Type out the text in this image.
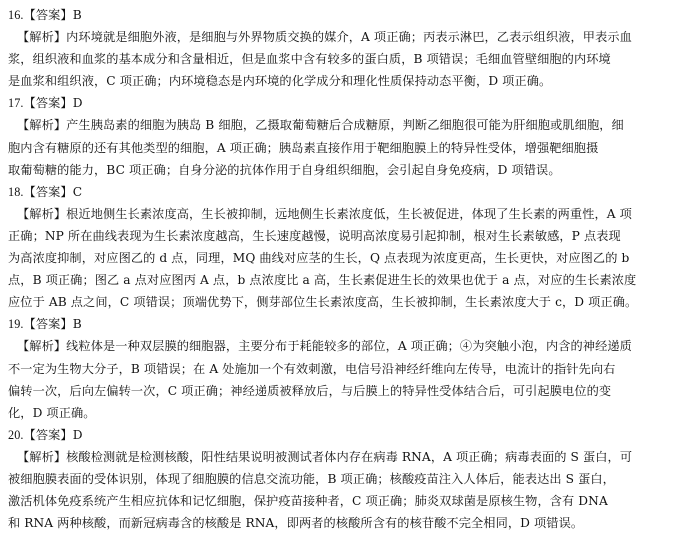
16.【答案】B
【解析】内环境就是细胞外液，是细胞与外界物质交换的媒介，A 项正确；丙表示淋巴，乙表示组织液，甲表示血
浆，组织液和血浆的基本成分和含量相近，但是血浆中含有较多的蛋白质，B 项错误；毛细血管壁细胞的内环境
是血浆和组织液，C 项正确；内环境稳态是内环境的化学成分和理化性质保持动态平衡，D 项正确。
17.【答案】D
【解析】产生胰岛素的细胞为胰岛 B 细胞，乙摄取葡萄糖后合成糖原，判断乙细胞很可能为肝细胞或肌细胞，细
胞内含有糖原的还有其他类型的细胞，A 项正确；胰岛素直接作用于靶细胞膜上的特异性受体，增强靶细胞摄
取葡萄糖的能力，BC 项正确；自身分泌的抗体作用于自身组织细胞，会引起自身免疫病，D 项错误。
18.【答案】C
【解析】根近地侧生长素浓度高，生长被抑制，远地侧生长素浓度低，生长被促进，体现了生长素的两重性，A 项
正确；NP 所在曲线表现为生长素浓度越高，生长速度越慢，说明高浓度易引起抑制，根对生长素敏感，P 点表现
为高浓度抑制，对应图乙的 d 点，同理，MQ 曲线对应茎的生长，Q 点表现为浓度更高，生长更快，对应图乙的 b
点，B 项正确；图乙 a 点对应图丙 A 点，b 点浓度比 a 高，生长素促进生长的效果也优于 a 点，对应的生长素浓度
应位于 AB 点之间，C 项错误；顶端优势下，侧芽部位生长素浓度高，生长被抑制，生长素浓度大于 c，D 项正确。
19.【答案】B
【解析】线粒体是一种双层膜的细胞器，主要分布于耗能较多的部位，A 项正确；④为突触小泡，内含的神经递质
不一定为生物大分子，B 项错误；在 A 处施加一个有效刺激，电信号沿神经纤维向左传导，电流计的指针先向右
偏转一次，后向左偏转一次，C 项正确；神经递质被释放后，与后膜上的特异性受体结合后，可引起膜电位的变
化，D 项正确。
20.【答案】D
【解析】核酸检测就是检测核酸，阳性结果说明被测试者体内存在病毒 RNA，A 项正确；病毒表面的 S 蛋白，可
被细胞膜表面的受体识别，体现了细胞膜的信息交流功能，B 项正确；核酸疫苗注入人体后，能表达出 S 蛋白，
激活机体免疫系统产生相应抗体和记忆细胞，保护疫苗接种者，C 项正确；肺炎双球菌是原核生物，含有 DNA
和 RNA 两种核酸，而新冠病毒含的核酸是 RNA，即两者的核酸所含有的核苷酸不完全相同，D 项错误。
